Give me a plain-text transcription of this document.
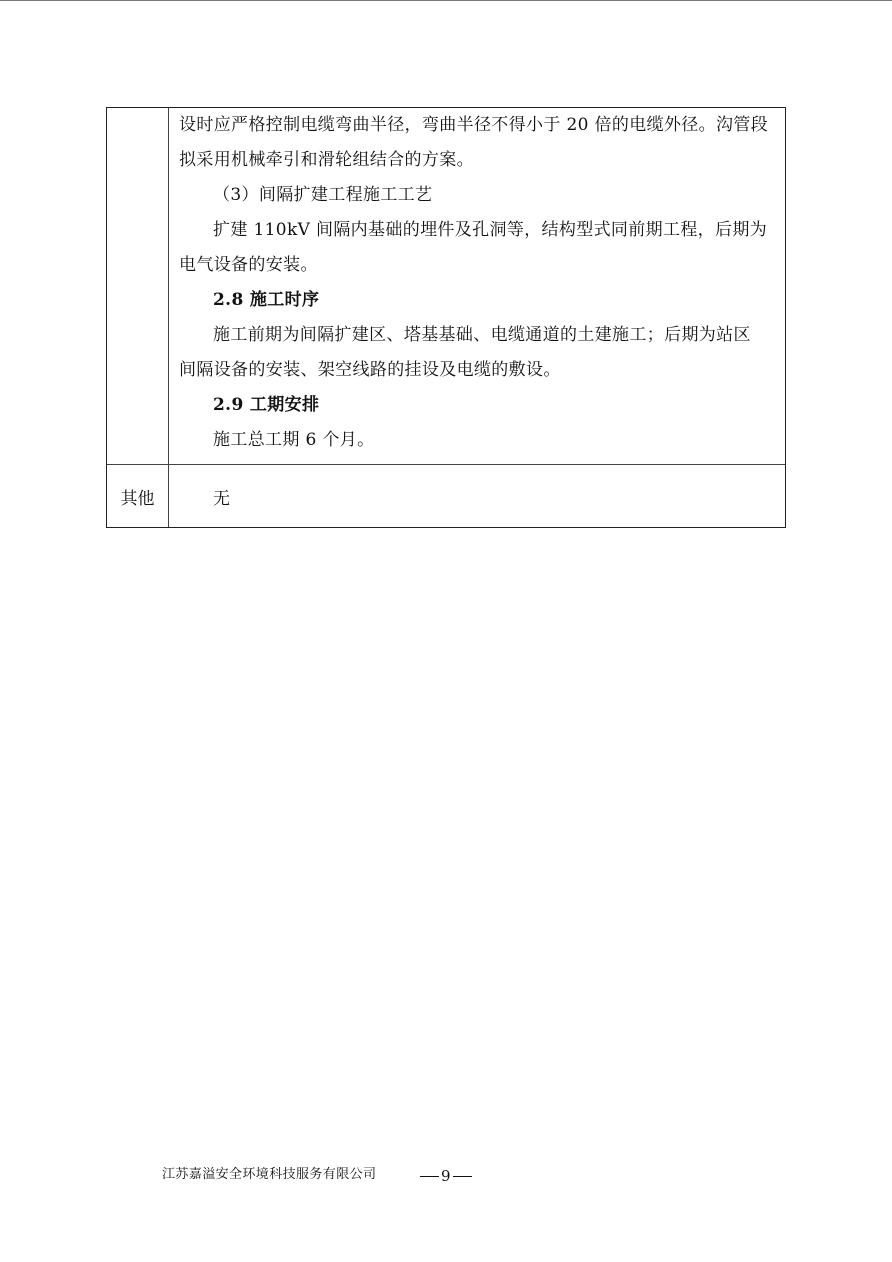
设时应严格控制电缆弯曲半径，弯曲半径不得小于 20 倍的电缆外径。沟管段
拟采用机械牵引和滑轮组结合的方案。
（3）间隔扩建工程施工工艺
扩建 110kV 间隔内基础的埋件及孔洞等，结构型式同前期工程，后期为
电气设备的安装。
2.8 施工时序
施工前期为间隔扩建区、塔基基础、电缆通道的土建施工；后期为站区
间隔设备的安装、架空线路的挂设及电缆的敷设。
2.9 工期安排
施工总工期 6 个月。
其他	无
江苏嘉溢安全环境科技服务有限公司	9
